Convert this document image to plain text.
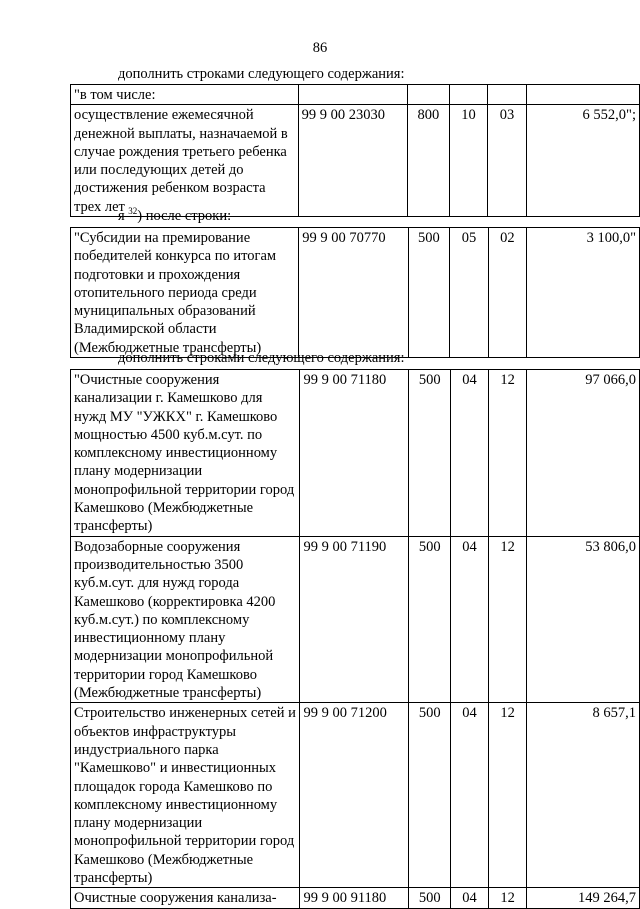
86
дополнить строками следующего содержания:
"в том числе:					
осуществление ежемесячной денежной выплаты, назначаемой в случае рождения третьего ребенка или последующих детей до достижения ребенком возраста трех лет	99 9 00 23030	800	10	03	6 552,0";
я $^{32}$) после строки:
"Субсидии на премирование победителей конкурса по итогам подготовки и прохождения отопительного периода среди муниципальных образований Владимирской области (Межбюджетные трансферты)	99 9 00 70770	500	05	02	3 100,0"
дополнить строками следующего содержания:
"Очистные сооружения канализации г. Камешково для нужд МУ "УЖКХ" г. Камешково мощностью 4500 куб.м.сут. по комплексному инвестиционному плану модернизации монопрофильной территории город Камешково (Межбюджетные трансферты)	99 9 00 71180	500	04	12	97 066,0
Водозаборные сооружения производительностью 3500 куб.м.сут. для нужд города Камешково (корректировка 4200 куб.м.сут.) по комплексному инвестиционному плану модернизации монопрофильной территории город Камешково (Межбюджетные трансферты)	99 9 00 71190	500	04	12	53 806,0
Строительство инженерных сетей и объектов инфраструктуры индустриального парка "Камешково" и инвестиционных площадок города Камешково по комплексному инвестиционному плану модернизации монопрофильной территории город Камешково (Межбюджетные трансферты)	99 9 00 71200	500	04	12	8 657,1
Очистные сооружения канализа-	99 9 00 91180	500	04	12	149 264,7
